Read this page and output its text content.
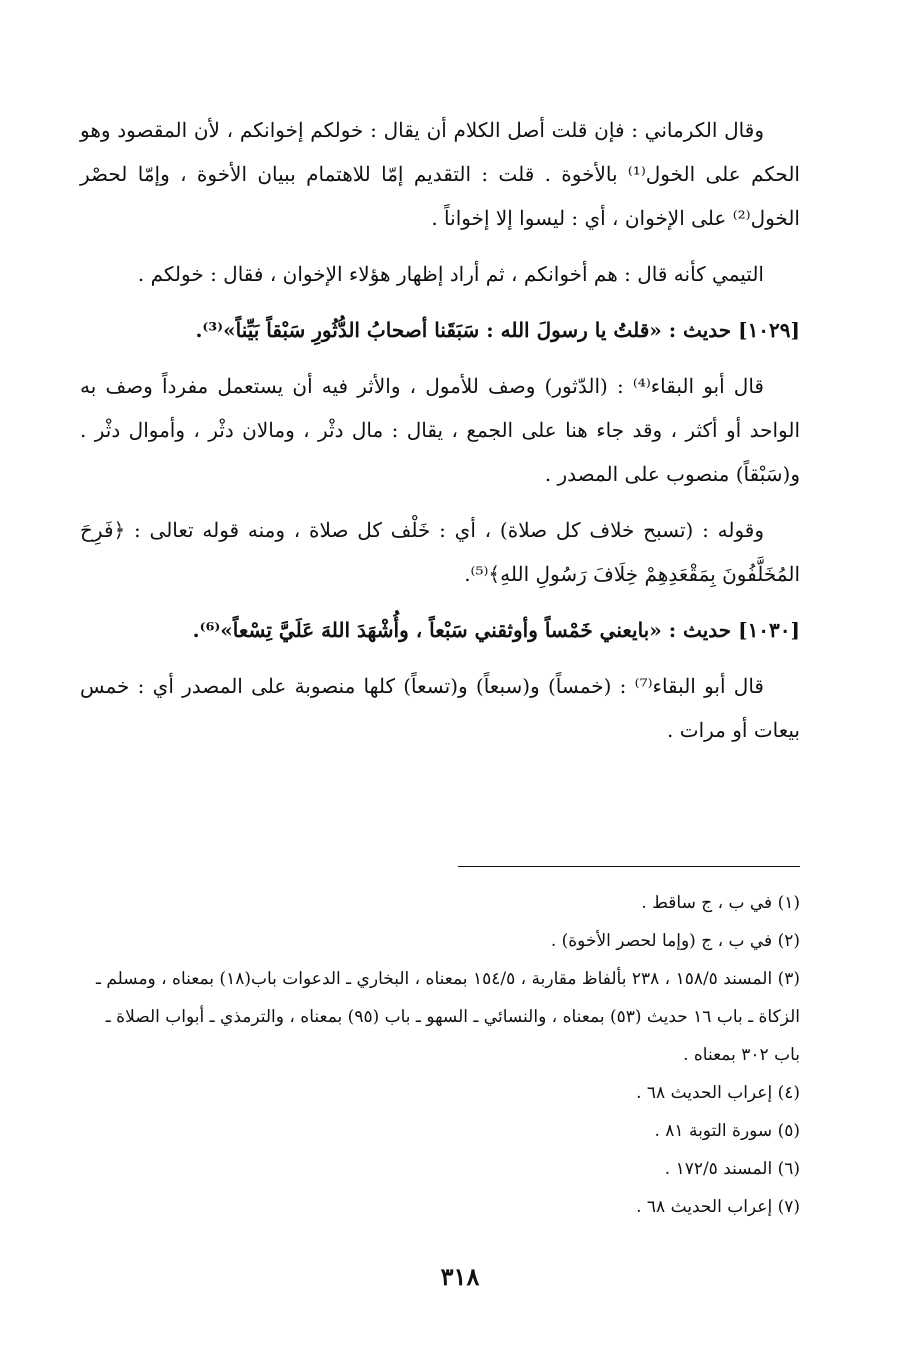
وقال الكرماني : فإن قلت أصل الكلام أن يقال : خولكم إخوانكم ، لأن المقصود وهو الحكم على الخول⁽¹⁾ بالأخوة . قلت : التقديم إمّا للاهتمام ببيان الأخوة ، وإمّا لحصْر الخول⁽²⁾ على الإخوان ، أي : ليسوا إلا إخواناً .

التيمي كأنه قال : هم أخوانكم ، ثم أراد إظهار هؤلاء الإخوان ، فقال : خولكم .

[١٠٢٩] حديث : «قلتُ يا رسولَ الله : سَبَقَنا أصحابُ الدُّثُورِ سَبْقاً بَيِّناً»⁽³⁾.

قال أبو البقاء⁽⁴⁾ : (الدّثور) وصف للأمول ، والأثر فيه أن يستعمل مفرداً وصف به الواحد أو أكثر ، وقد جاء هنا على الجمع ، يقال : مال دثْر ، ومالان دثْر ، وأموال دثْر . و(سَبْقاً) منصوب على المصدر .

وقوله : (تسبح خلاف كل صلاة) ، أي : خَلْف كل صلاة ، ومنه قوله تعالى : ﴿فَرِحَ المُخَلَّفُونَ بِمَقْعَدِهِمْ خِلَافَ رَسُولِ اللهِ﴾⁽⁵⁾.

[١٠٣٠] حديث : «بايعني خَمْساً وأوثقني سَبْعاً ، وأُشْهَدَ اللهَ عَلَيَّ تِسْعاً»⁽⁶⁾.

قال أبو البقاء⁽⁷⁾ : (خمساً) و(سبعاً) و(تسعاً) كلها منصوبة على المصدر أي : خمس بيعات أو مرات .

(١) في ب ، ج ساقط .

(٢) في ب ، ج (وإما لحصر الأخوة) .

(٣) المسند ١٥٨/٥ ، ٢٣٨ بألفاظ مقاربة ، ١٥٤/٥ بمعناه ، البخاري ـ الدعوات باب(١٨) بمعناه ، ومسلم ـ الزكاة ـ باب ١٦ حديث (٥٣) بمعناه ، والنسائي ـ السهو ـ باب (٩٥) بمعناه ، والترمذي ـ أبواب الصلاة ـ باب ٣٠٢ بمعناه .

(٤) إعراب الحديث ٦٨ .

(٥) سورة التوبة ٨١ .

(٦) المسند ١٧٢/٥ .

(٧) إعراب الحديث ٦٨ .

٣١٨
